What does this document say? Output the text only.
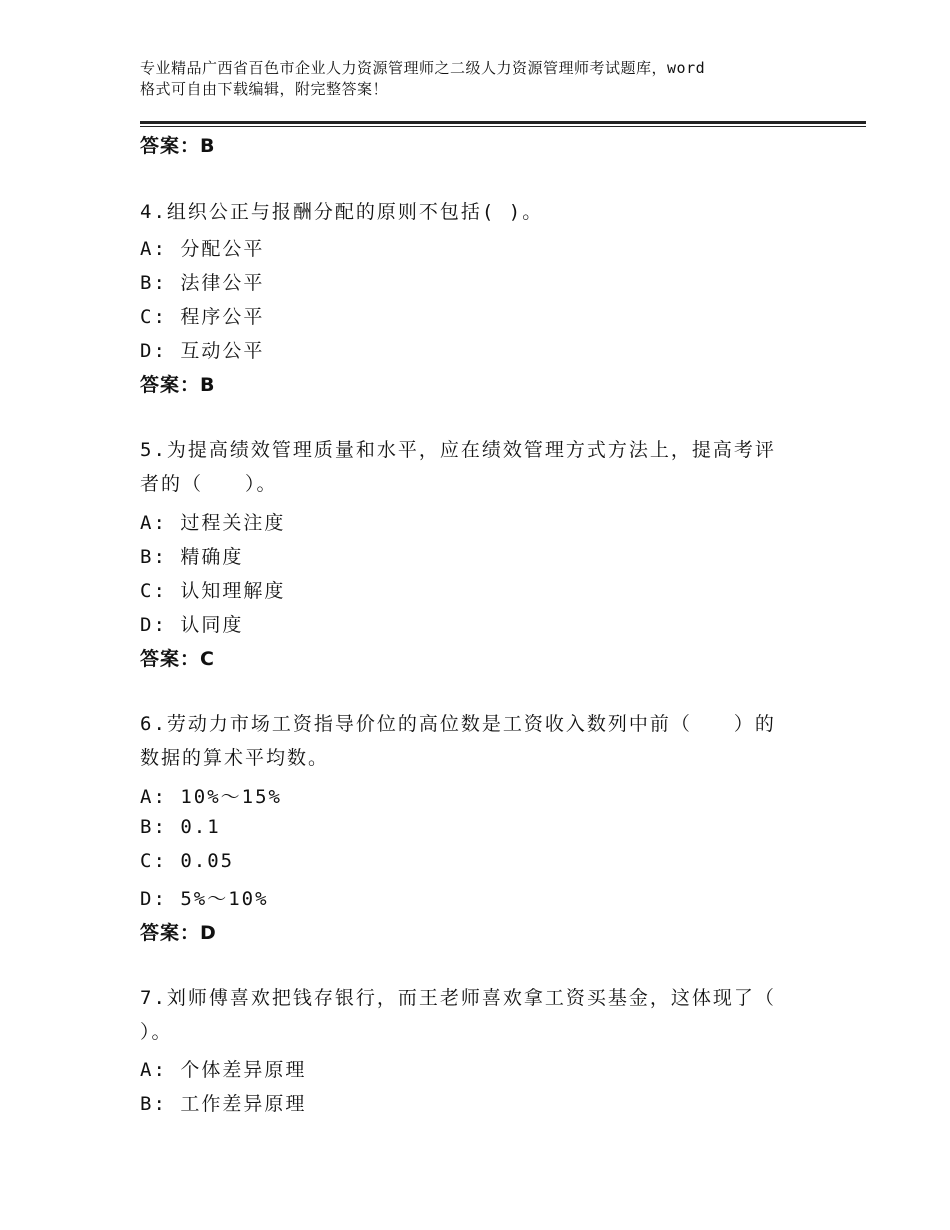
专业精品广西省百色市企业人力资源管理师之二级人力资源管理师考试题库，word
格式可自由下载编辑，附完整答案！
答案：B
4.组织公正与报酬分配的原则不包括( )。
A: 分配公平
B: 法律公平
C: 程序公平
D: 互动公平
答案：B
5.为提高绩效管理质量和水平，应在绩效管理方式方法上，提高考评
者的（　　）。
A: 过程关注度
B: 精确度
C: 认知理解度
D: 认同度
答案：C
6.劳动力市场工资指导价位的高位数是工资收入数列中前（　　）的
数据的算术平均数。
A: 10%～15%
B: 0.1
C: 0.05
D: 5%～10%
答案：D
7.刘师傅喜欢把钱存银行，而王老师喜欢拿工资买基金，这体现了（
）。
A: 个体差异原理
B: 工作差异原理
